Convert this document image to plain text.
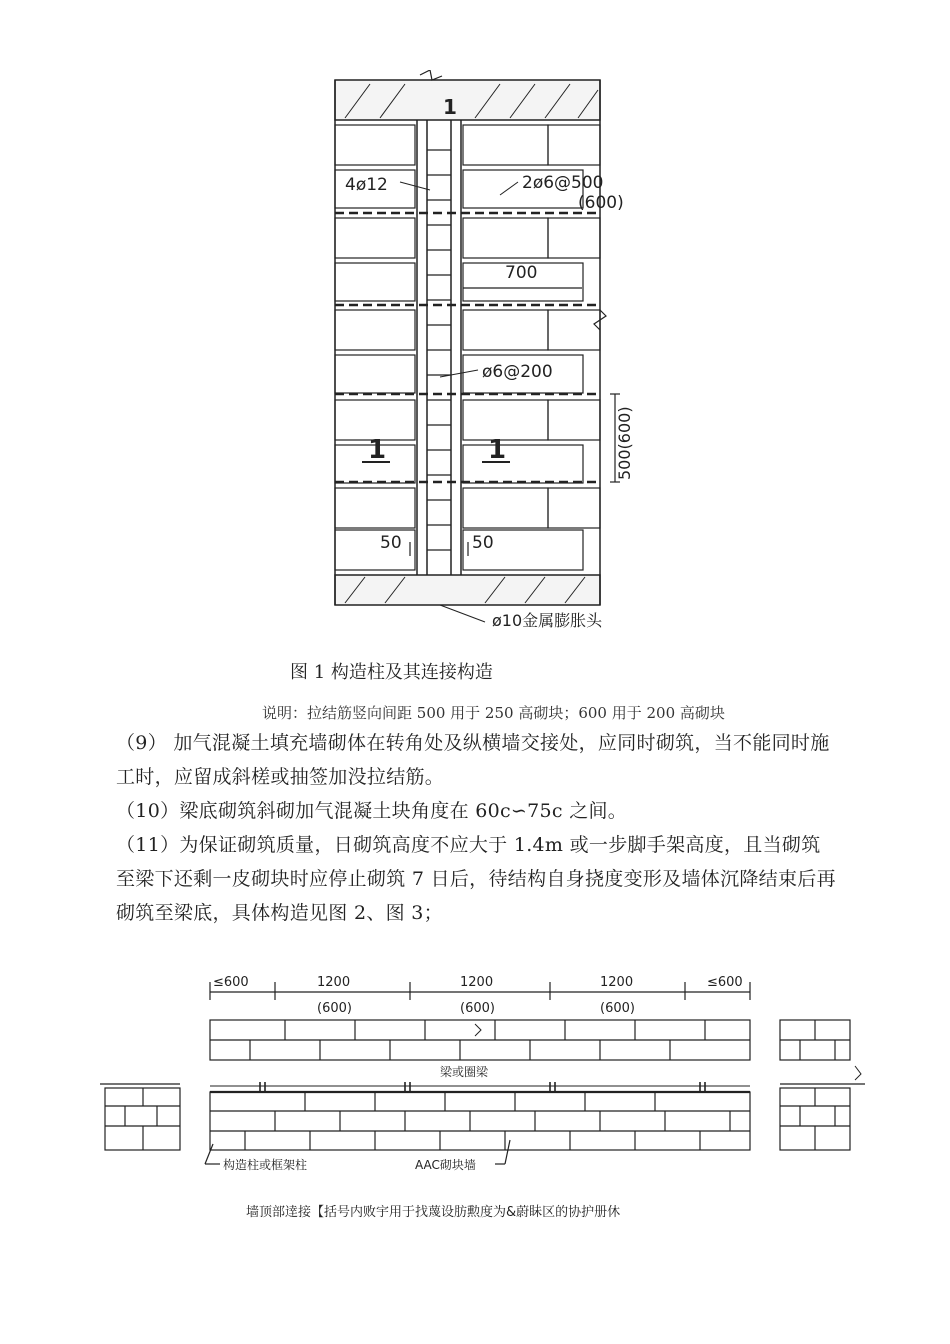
4ø12	2ø6@500
(600)
700
ø6@200
500(600)
1	1
1
50	50
ø10金属膨胀头
图 1 构造柱及其连接构造
说明：拉结筋竖向间距 500 用于 250 高砌块；600 用于 200 高砌块
（9） 加气混凝土填充墙砌体在转角处及纵横墙交接处，应同时砌筑，当不能同时施工时，应留成斜槎或抽签加没拉结筋。
（10）梁底砌筑斜砌加气混凝土块角度在 60c∽75c 之间。
（11）为保证砌筑质量，日砌筑高度不应大于 1.4m 或一步脚手架高度，且当砌筑至梁下还剩一皮砌块时应停止砌筑 7 日后，待结构自身挠度变形及墙体沉降结束后再砌筑至梁底，具体构造见图 2、图 3；
≤600	1200	1200	1200	≤600
(600)	(600)	(600)
梁或圈梁
构造柱或框架柱	AAC砌块墙
墙顶部逹接【括号内败宇用于找蔑设肪勲度为&蔚眛区的协护册休
